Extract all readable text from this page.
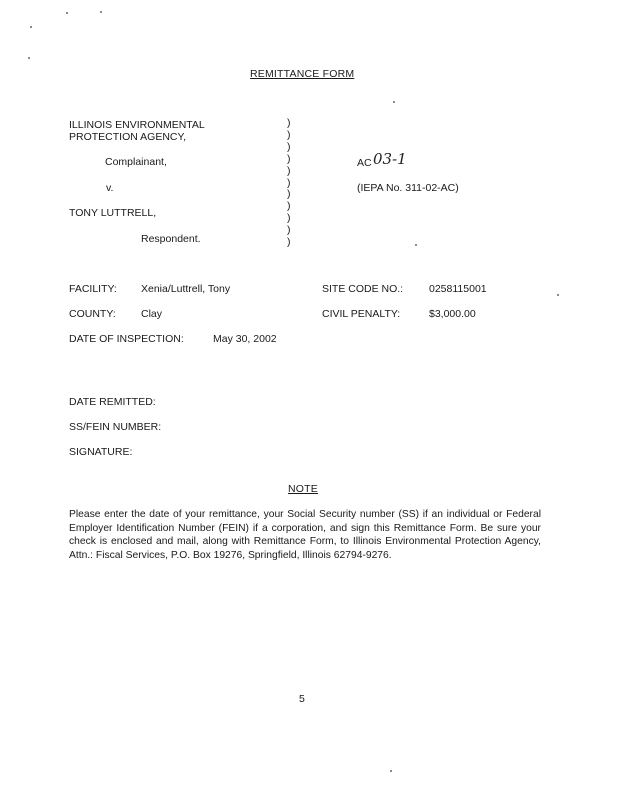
REMITTANCE FORM
ILLINOIS ENVIRONMENTAL
PROTECTION AGENCY,
Complainant,
v.
TONY LUTTRELL,
Respondent.
)
)
)
)
)
)
)
)
)
)
)
AC 03-1
(IEPA No. 311-02-AC)
FACILITY: Xenia/Luttrell, Tony	SITE CODE NO.: 0258115001
COUNTY: Clay	CIVIL PENALTY:	$3,000.00
DATE OF INSPECTION:	May 30, 2002
DATE REMITTED:
SS/FEIN NUMBER:
SIGNATURE:
NOTE
Please enter the date of your remittance, your Social Security number (SS) if an individual or Federal Employer Identification Number (FEIN) if a corporation, and sign this Remittance Form. Be sure your check is enclosed and mail, along with Remittance Form, to Illinois Environmental Protection Agency, Attn.: Fiscal Services, P.O. Box 19276, Springfield, Illinois 62794-9276.
5
